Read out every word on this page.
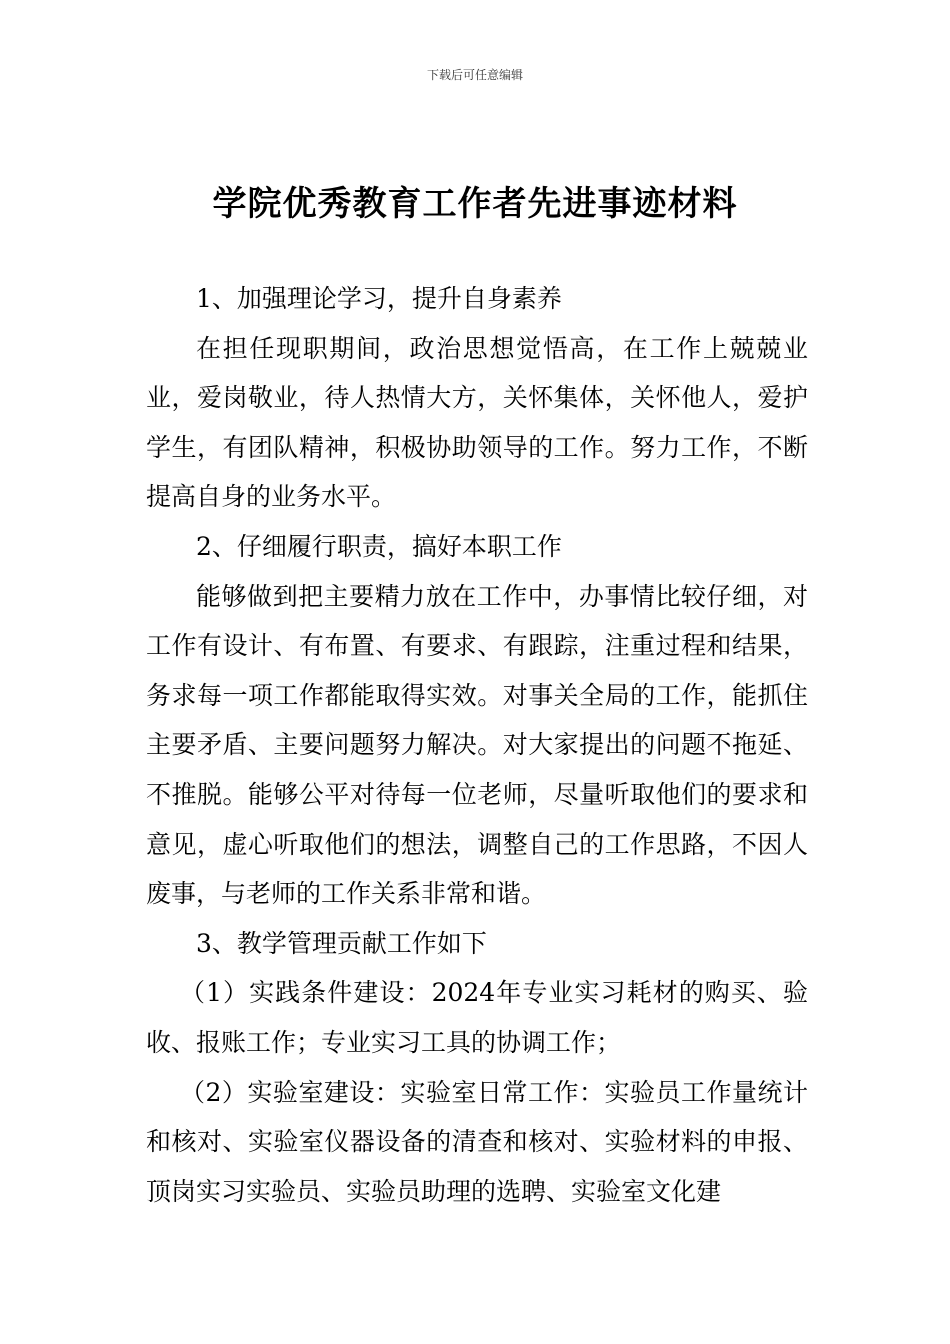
下载后可任意编辑
学院优秀教育工作者先进事迹材料

1、加强理论学习，提升自身素养

在担任现职期间，政治思想觉悟高，在工作上兢兢业业，爱岗敬业，待人热情大方，关怀集体，关怀他人，爱护学生，有团队精神，积极协助领导的工作。努力工作，不断提高自身的业务水平。

2、仔细履行职责，搞好本职工作

能够做到把主要精力放在工作中，办事情比较仔细，对工作有设计、有布置、有要求、有跟踪，注重过程和结果，务求每一项工作都能取得实效。对事关全局的工作，能抓住主要矛盾、主要问题努力解决。对大家提出的问题不拖延、不推脱。能够公平对待每一位老师，尽量听取他们的要求和意见，虚心听取他们的想法，调整自己的工作思路，不因人废事，与老师的工作关系非常和谐。

3、教学管理贡献工作如下

（1）实践条件建设：2024年专业实习耗材的购买、验收、报账工作；专业实习工具的协调工作；

（2）实验室建设：实验室日常工作：实验员工作量统计和核对、实验室仪器设备的清查和核对、实验材料的申报、顶岗实习实验员、实验员助理的选聘、实验室文化建
